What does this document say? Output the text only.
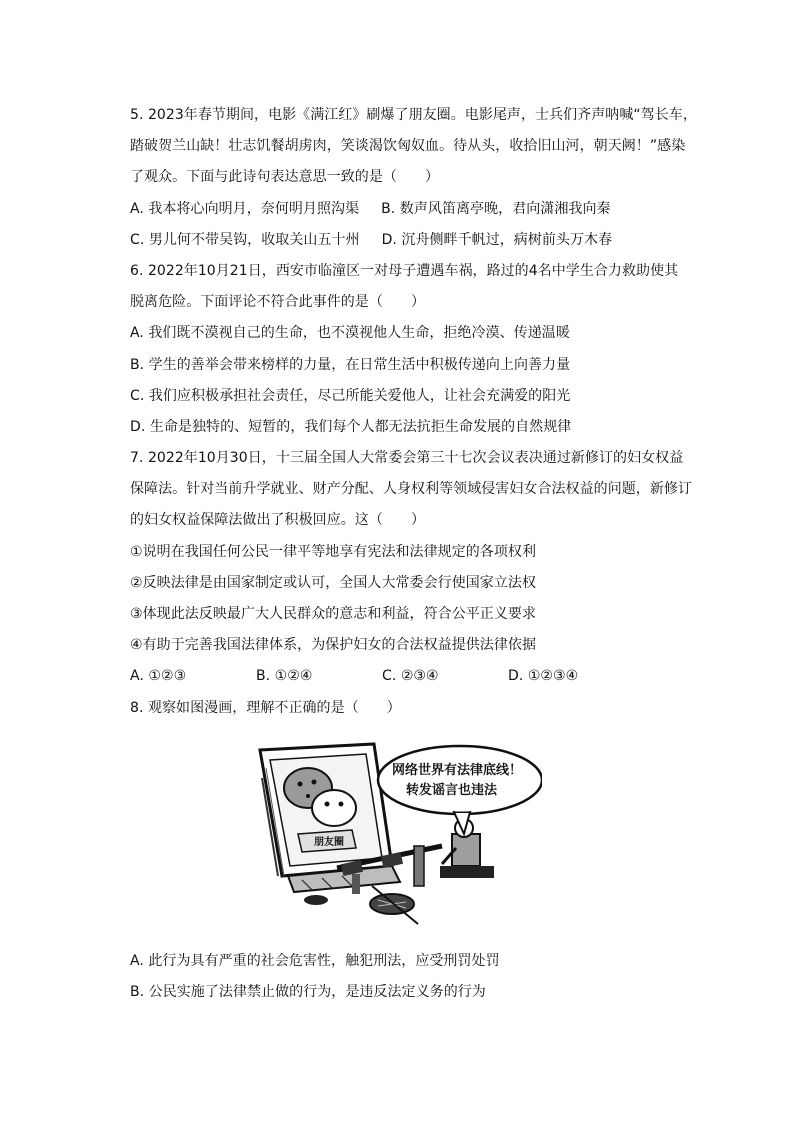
5. 2023年春节期间，电影《满江红》刷爆了朋友圈。电影尾声，士兵们齐声呐喊“驾长车，
踏破贺兰山缺！壮志饥餐胡虏肉，笑谈渴饮匈奴血。待从头，收拾旧山河，朝天阙！”感染
了观众。下面与此诗句表达意思一致的是（　　）
A. 我本将心向明月，奈何明月照沟渠 B. 数声风笛离亭晚，君向潇湘我向秦
C. 男儿何不带吴钩，收取关山五十州 D. 沉舟侧畔千帆过，病树前头万木春
6. 2022年10月21日，西安市临潼区一对母子遭遇车祸，路过的4名中学生合力救助使其
脱离危险。下面评论不符合此事件的是（　　）
A. 我们既不漠视自己的生命，也不漠视他人生命，拒绝冷漠、传递温暖
B. 学生的善举会带来榜样的力量，在日常生活中积极传递向上向善力量
C. 我们应积极承担社会责任，尽己所能关爱他人，让社会充满爱的阳光
D. 生命是独特的、短暂的，我们每个人都无法抗拒生命发展的自然规律
7. 2022年10月30日，十三届全国人大常委会第三十七次会议表决通过新修订的妇女权益
保障法。针对当前升学就业、财产分配、人身权利等领域侵害妇女合法权益的问题，新修订
的妇女权益保障法做出了积极回应。这（　　）
①说明在我国任何公民一律平等地享有宪法和法律规定的各项权利
②反映法律是由国家制定或认可，全国人大常委会行使国家立法权
③体现此法反映最广大人民群众的意志和利益，符合公平正义要求
④有助于完善我国法律体系，为保护妇女的合法权益提供法律依据
A. ①②③	B. ①②④	C. ②③④	D. ①②③④
8. 观察如图漫画，理解不正确的是（　　）
朋友圈
网络世界有法律底线！
转发谣言也违法
A. 此行为具有严重的社会危害性，触犯刑法，应受刑罚处罚
B. 公民实施了法律禁止做的行为，是违反法定义务的行为
